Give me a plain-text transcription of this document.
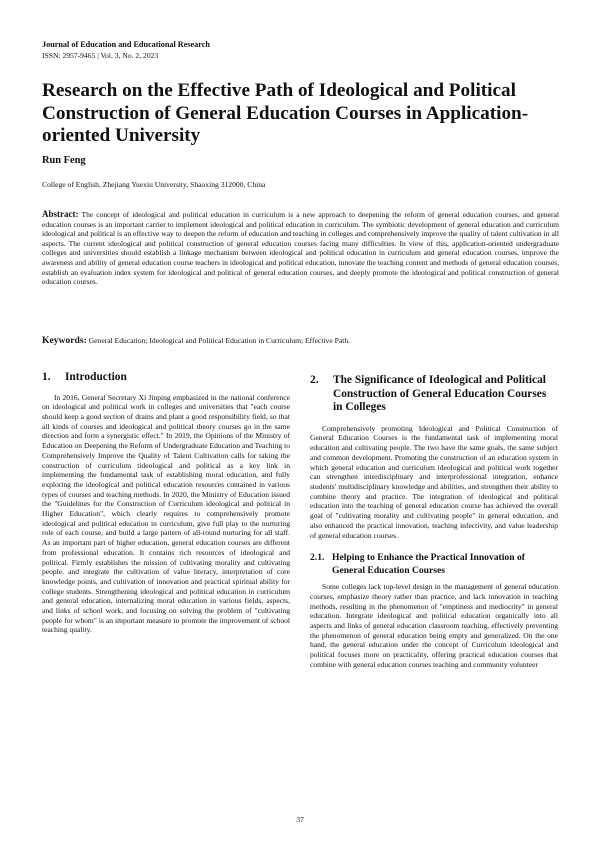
Journal of Education and Educational Research
ISSN: 2957-9465 | Vol. 3, No. 2, 2023
Research on the Effective Path of Ideological and Political Construction of General Education Courses in Application-oriented University
Run Feng
College of English, Zhejiang Yuexiu University, Shaoxing 312000, China
Abstract: The concept of ideological and political education in curriculum is a new approach to deepening the reform of general education courses, and general education courses is an important carrier to implement ideological and political education in curriculum. The symbiotic development of general education and curriculum ideological and political is an effective way to deepen the reform of education and teaching in colleges and comprehensively improve the quality of talent cultivation in all aspects. The current ideological and political construction of general education courses facing many difficulties. In view of this, application-oriented undergraduate colleges and universities should establish a linkage mechanism between ideological and political education in curriculum and general education courses, improve the awareness and ability of general education course teachers in ideological and political education, innovate the teaching content and methods of general education courses, establish an evaluation index system for ideological and political of general education courses, and deeply promote the ideological and political construction of general education courses.
Keywords: General Education; Ideological and Political Education in Curriculum; Effective Path.
1.	Introduction

In 2016, General Secretary Xi Jinping emphasized in the national conference on ideological and political work in colleges and universities that "each course should keep a good section of drains and plant a good responsibility field, so that all kinds of courses and ideological and political theory courses go in the same direction and form a synergistic effect." In 2019, the Opinions of the Ministry of Education on Deepening the Reform of Undergraduate Education and Teaching to Comprehensively Improve the Quality of Talent Cultivation calls for taking the construction of curriculum tideological and political as a key link in implementing the fundamental task of establishing moral education, and fully exploring the ideological and political education resources contained in various types of courses and teaching methods. In 2020, the Ministry of Education issued the "Guidelines for the Construction of Curriculum ideological and political in Higher Education", which clearly requires to comprehensively promote ideological and political education in curriculum, give full play to the nurturing role of each course, and build a large pattern of all-round nurturing for all staff. As an important part of higher education, general education courses are different from professional education. It contains rich resources of ideological and political. Firmly establishes the mission of cultivating morality and cultivating people. and integrate the cultivation of value literacy, interpretation of core knowledge points, and cultivation of innovation and practical spiritual ability for college students. Strengthening ideological and political education in curriculum and general education, internalizing moral education in various fields, aspects, and links of school work, and focusing on solving the problem of "cultivating people for whom" is an important measure to promote the improvement of school teaching quality.

2.	The Significance of Ideological and Political Construction of General Education Courses in Colleges

Comprehensively promoting Ideological and Political Construction of General Education Courses is the fundamental task of implementing moral education and cultivating people. The two have the same goals, the same subject and common development. Promoting the construction of an education system in which general education and curriculum ideological and political work together can strengthen interdisciplinary and interprofessional integration, enhance students' multidisciplinary knowledge and abilities, and strengthen their ability to combine theory and practice. The integration of ideological and political education into the teaching of general education course has achieved the overall goal of "cultivating morality and cultivating people" in general education, and also enhanced the practical innovation, teaching infectivity, and value leadership of general education courses.

2.1. Helping to Enhance the Practical Innovation of General Education Courses

Some colleges lack top-level design in the management of general education courses, emphasize theory rather than practice, and lack innovation in teaching methods, resulting in the phenomenon of "emptiness and mediocrity" in general education. Integrate ideological and political education organically into all aspects and links of general education classroom teaching, effectively preventing the phenomenon of general education being empty and generalized. On the one hand, the general education under the concept of Curriculum ideological and political focuses more on practicality, offering practical education courses that combine with general education courses teaching and community volunteer

37
